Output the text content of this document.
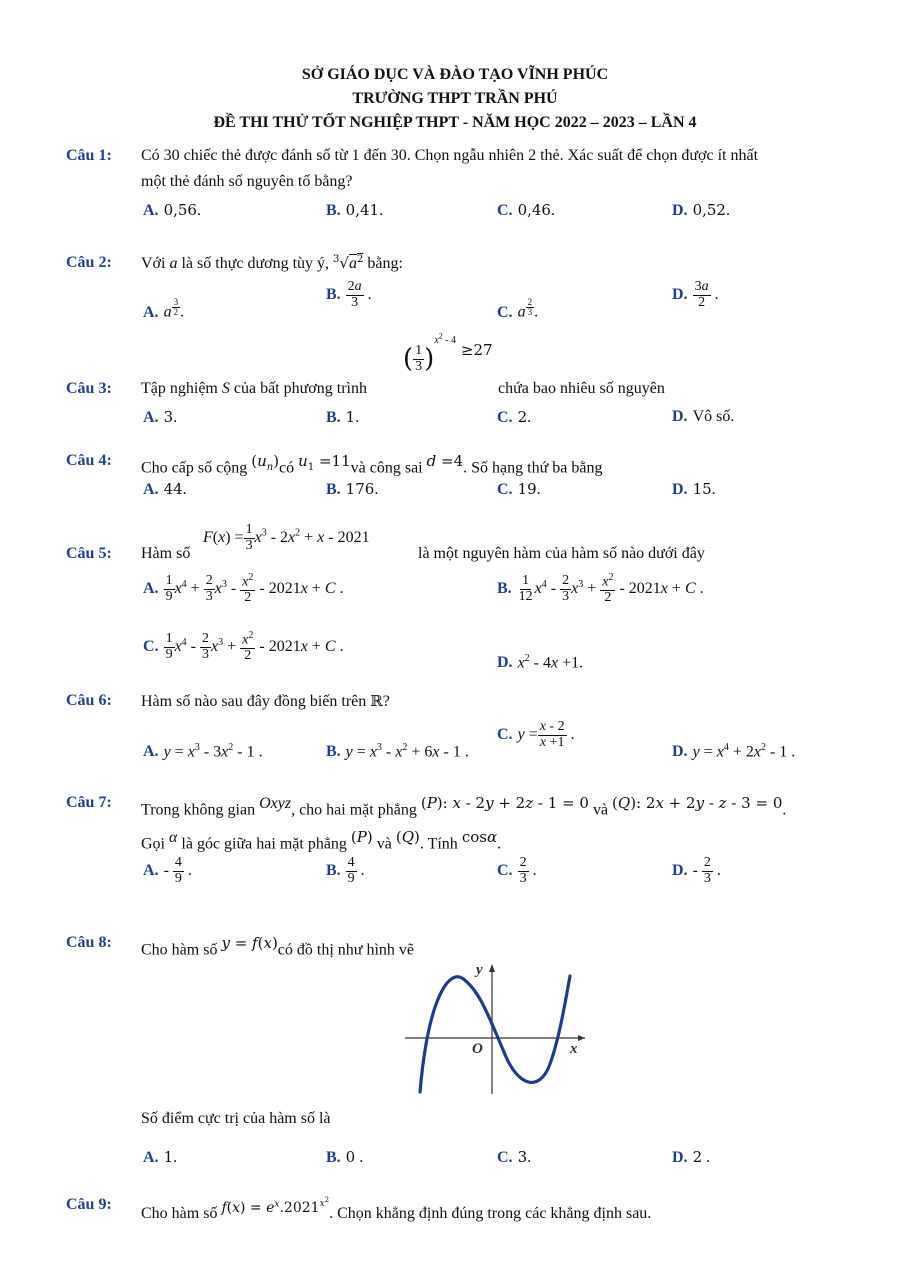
SỞ GIÁO DỤC VÀ ĐÀO TẠO VĨNH PHÚC
TRƯỜNG THPT TRẦN PHÚ
ĐỀ THI THỬ TỐT NGHIỆP THPT - NĂM HỌC 2022 – 2023 – LẦN 4
Câu 1: Có 30 chiếc thẻ được đánh số từ 1 đến 30. Chọn ngẫu nhiên 2 thẻ. Xác suất để chọn được ít nhất
một thẻ đánh số nguyên tố bằng?
A. 0,56.	B. 0,41.	C. 0,46.	D. 0,52.
Câu 2: Với a là số thực dương tùy ý, $^3√a^2$ bằng:
A. a $^{\frac{3}{2}}$ .
B. $\frac{2a}{3}$ .
C. a $^{\frac{2}{3}}$ .
D. $\frac{3a}{2}$ .
Câu 3: Tập nghiệm S của bất phương trình
( $\frac{1}{3} )^{x^2 - 4} \ge 27$
chứa bao nhiêu số nguyên
A. 3.	B. 1.	C. 2.	D. Vô số.
Câu 4: Cho cấp số cộng $^{(u_n)}$có $^{u_1 =11}$và công sai $^{d =4}$. Số hạng thứ ba bằng
A. 44.	B. 176.	C. 19.	D. 15.
Câu 5: Hàm số
$F(x) = \frac{1}{3} x^3 - 2x^2 + x - 2021$
là một nguyên hàm của hàm số nào dưới đây
A. $\frac{1}{9} x^4 + \frac{2}{3} x^3 - \frac{x^2}{2} - 2021x + C$ .	B. $\frac{1}{12} x^4 - \frac{2}{3} x^3 + \frac{x^2}{2} - 2021x + C$ .
C. $\frac{1}{9} x^4 - \frac{2}{3} x^3 + \frac{x^2}{2} - 2021x + C$ .
D. $x^2 - 4x +1$.
Câu 6: Hàm số nào sau đây đồng biến trên ℝ?
A. $y = x^3 - 3x^2 - 1$ .	B. $y = x^3 - x^2 + 6x - 1$ .
C. $y = \frac{x - 2}{x +1}$ .
D. $y = x^4 + 2x^2 - 1$ .
Câu 7: Trong không gian $^{Oxyz}$, cho hai mặt phẳng $^{(P): x - 2y + 2z - 1 = 0}$ và $^{(Q): 2x + 2y - z - 3 = 0}$.
Gọi $^\alpha$ là góc giữa hai mặt phẳng $^{(P)}$ và $^{(Q)}$. Tính $^{cos\alpha}$.
A. - $\frac{4}{9}$ .	B. $\frac{4}{9}$ .	C. $\frac{2}{3}$ .	D. - $\frac{2}{3}$ .
Câu 8: Cho hàm số $^{y = f(x)}$có đồ thị như hình vẽ
y
x
O
Số điểm cực trị của hàm số là
A. 1.	B. 0 .	C. 3.	D. 2 .
Câu 9:
Cho hàm số $^{f(x) = e^x.2021^{x^2}}$. Chọn khẳng định đúng trong các khẳng định sau.
